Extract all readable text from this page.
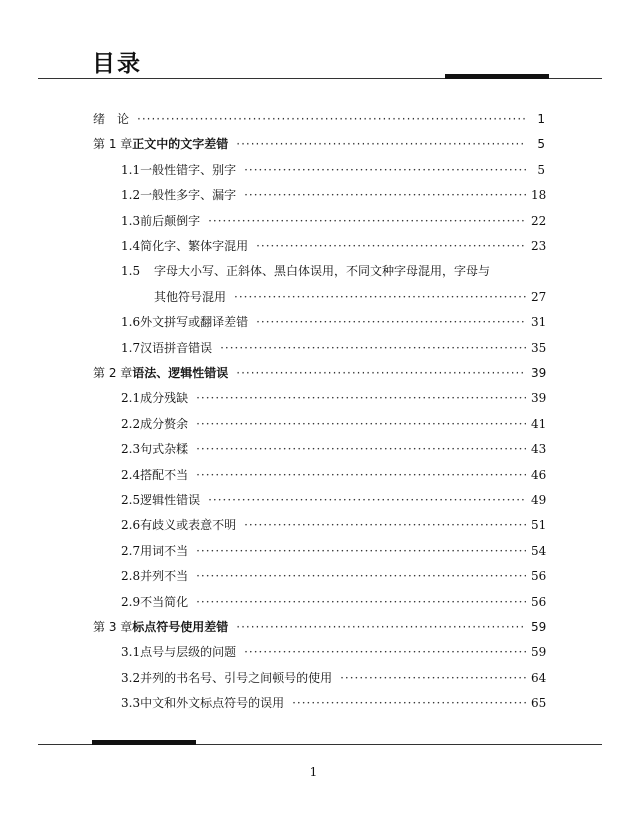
目录
绪　论 ·····	1
第 1 章 正文中的文字差错 ·····	5
1.1 一般性错字、别字 ·····	5
1.2 一般性多字、漏字 ·····	18
1.3 前后颠倒字 ·····	22
1.4 简化字、繁体字混用 ·····	23
1.5	字母大小写、正斜体、黑白体误用，不同文种字母混用，字母与
其他符号混用 ·····	27
1.6 外文拼写或翻译差错 ·····	31
1.7 汉语拼音错误 ·····	35
第 2 章 语法、逻辑性错误 ·····	39
2.1 成分残缺 ·····	39
2.2 成分赘余 ·····	41
2.3 句式杂糅 ·····	43
2.4 搭配不当 ·····	46
2.5 逻辑性错误 ·····	49
2.6 有歧义或表意不明 ·····	51
2.7 用词不当 ·····	54
2.8 并列不当 ·····	56
2.9 不当简化 ·····	56
第 3 章 标点符号使用差错 ·····	59
3.1 点号与层级的问题 ·····	59
3.2 并列的书名号、引号之间顿号的使用 ·····	64
3.3 中文和外文标点符号的误用 ·····	65
1
